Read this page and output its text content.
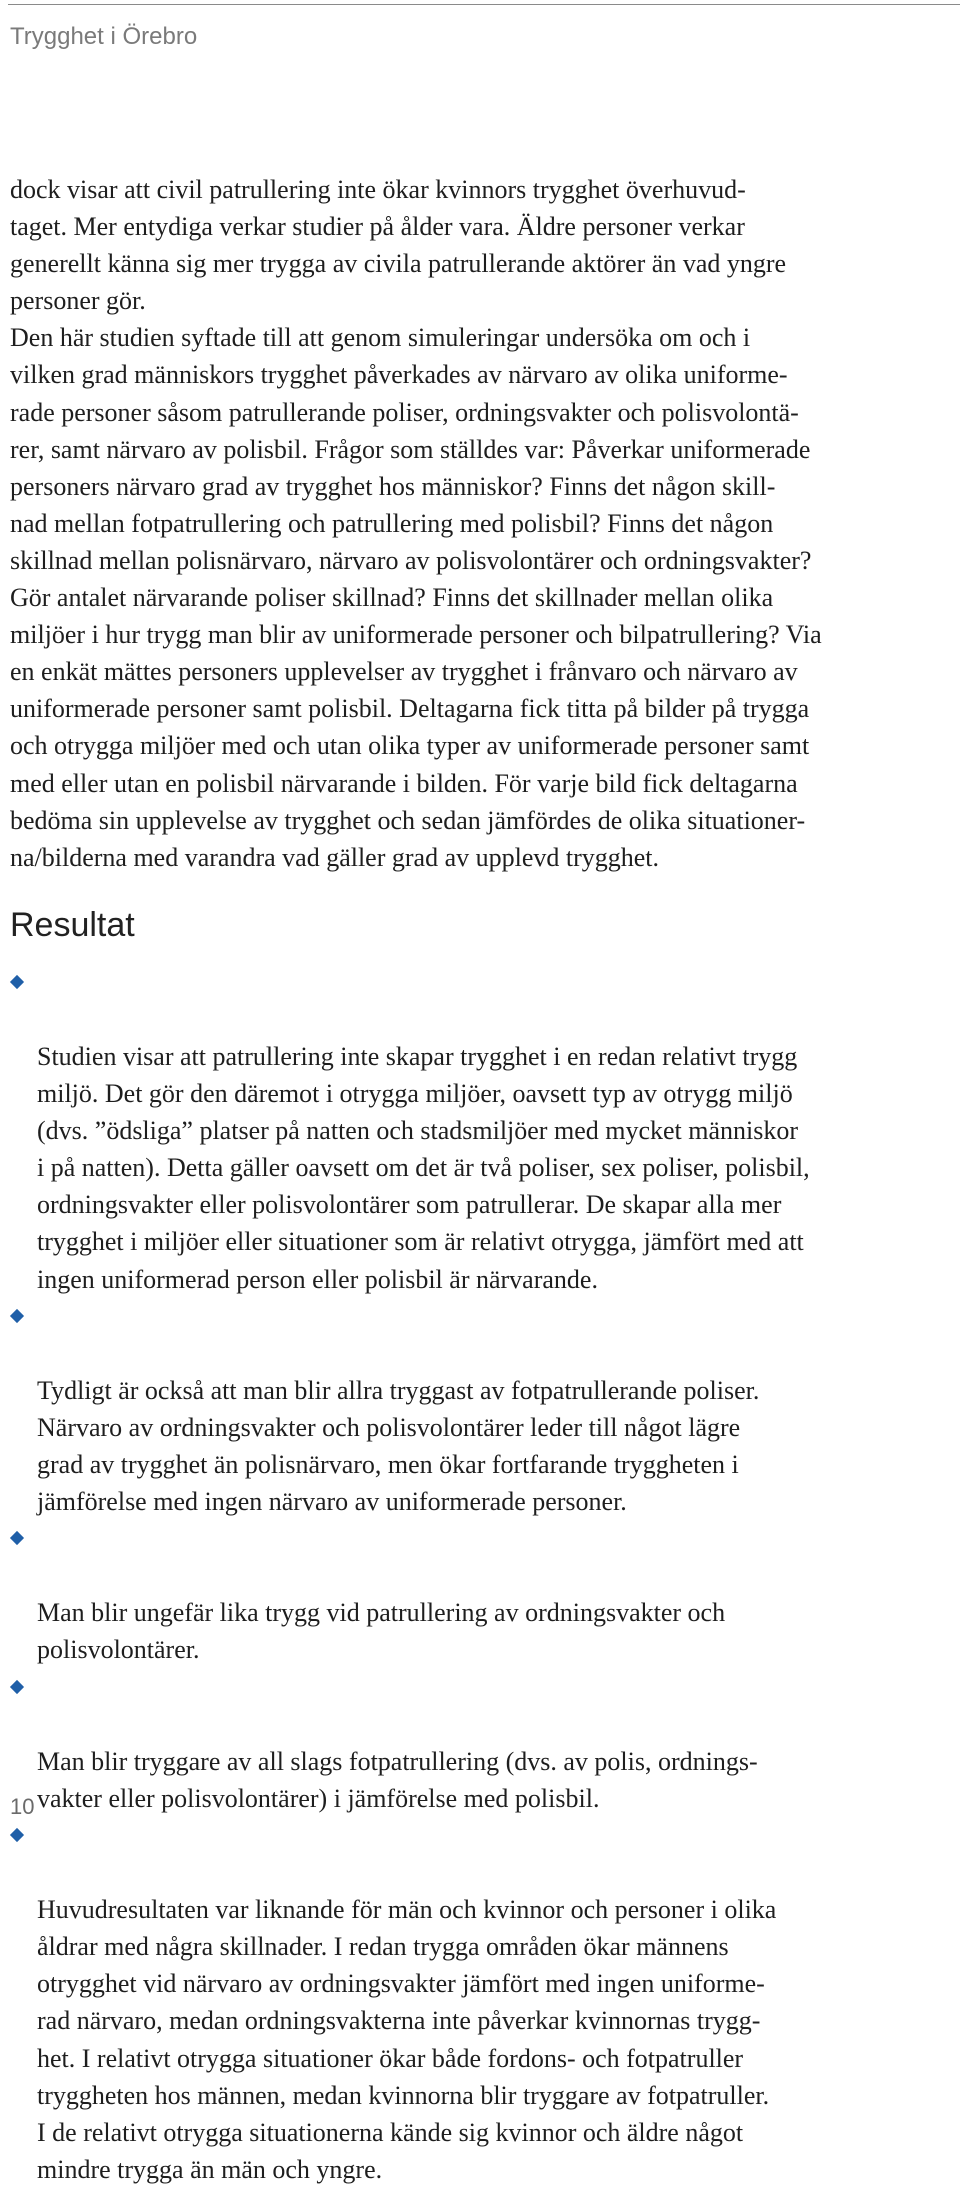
Trygghet i Örebro

dock visar att civil patrullering inte ökar kvinnors trygghet överhuvud-
taget. Mer entydiga verkar studier på ålder vara. Äldre personer verkar
generellt känna sig mer trygga av civila patrullerande aktörer än vad yngre
personer gör.

Den här studien syftade till att genom simuleringar undersöka om och i
vilken grad människors trygghet påverkades av närvaro av olika uniforme-
rade personer såsom patrullerande poliser, ordningsvakter och polisvolontä-
rer, samt närvaro av polisbil. Frågor som ställdes var: Påverkar uniformerade
personers närvaro grad av trygghet hos människor? Finns det någon skill-
nad mellan fotpatrullering och patrullering med polisbil? Finns det någon
skillnad mellan polisnärvaro, närvaro av polisvolontärer och ordningsvakter?
Gör antalet närvarande poliser skillnad? Finns det skillnader mellan olika
miljöer i hur trygg man blir av uniformerade personer och bilpatrullering? Via
en enkät mättes personers upplevelser av trygghet i frånvaro och närvaro av
uniformerade personer samt polisbil. Deltagarna fick titta på bilder på trygga
och otrygga miljöer med och utan olika typer av uniformerade personer samt
med eller utan en polisbil närvarande i bilden. För varje bild fick deltagarna
bedöma sin upplevelse av trygghet och sedan jämfördes de olika situationer-
na/bilderna med varandra vad gäller grad av upplevd trygghet.

Resultat

Studien visar att patrullering inte skapar trygghet i en redan relativt trygg
miljö. Det gör den däremot i otrygga miljöer, oavsett typ av otrygg miljö
(dvs. ”ödsliga” platser på natten och stadsmiljöer med mycket människor
i på natten). Detta gäller oavsett om det är två poliser, sex poliser, polisbil,
ordningsvakter eller polisvolontärer som patrullerar. De skapar alla mer
trygghet i miljöer eller situationer som är relativt otrygga, jämfört med att
ingen uniformerad person eller polisbil är närvarande.

Tydligt är också att man blir allra tryggast av fotpatrullerande poliser.
Närvaro av ordningsvakter och polisvolontärer leder till något lägre
grad av trygghet än polisnärvaro, men ökar fortfarande tryggheten i
jämförelse med ingen närvaro av uniformerade personer.

Man blir ungefär lika trygg vid patrullering av ordningsvakter och
polisvolontärer.

Man blir tryggare av all slags fotpatrullering (dvs. av polis, ordnings-
vakter eller polisvolontärer) i jämförelse med polisbil.

Huvudresultaten var liknande för män och kvinnor och personer i olika
åldrar med några skillnader. I redan trygga områden ökar männens
otrygghet vid närvaro av ordningsvakter jämfört med ingen uniforme-
rad närvaro, medan ordningsvakterna inte påverkar kvinnornas trygg-
het. I relativt otrygga situationer ökar både fordons- och fotpatruller
tryggheten hos männen, medan kvinnorna blir tryggare av fotpatruller.
I de relativt otrygga situationerna kände sig kvinnor och äldre något
mindre trygga än män och yngre.

10
